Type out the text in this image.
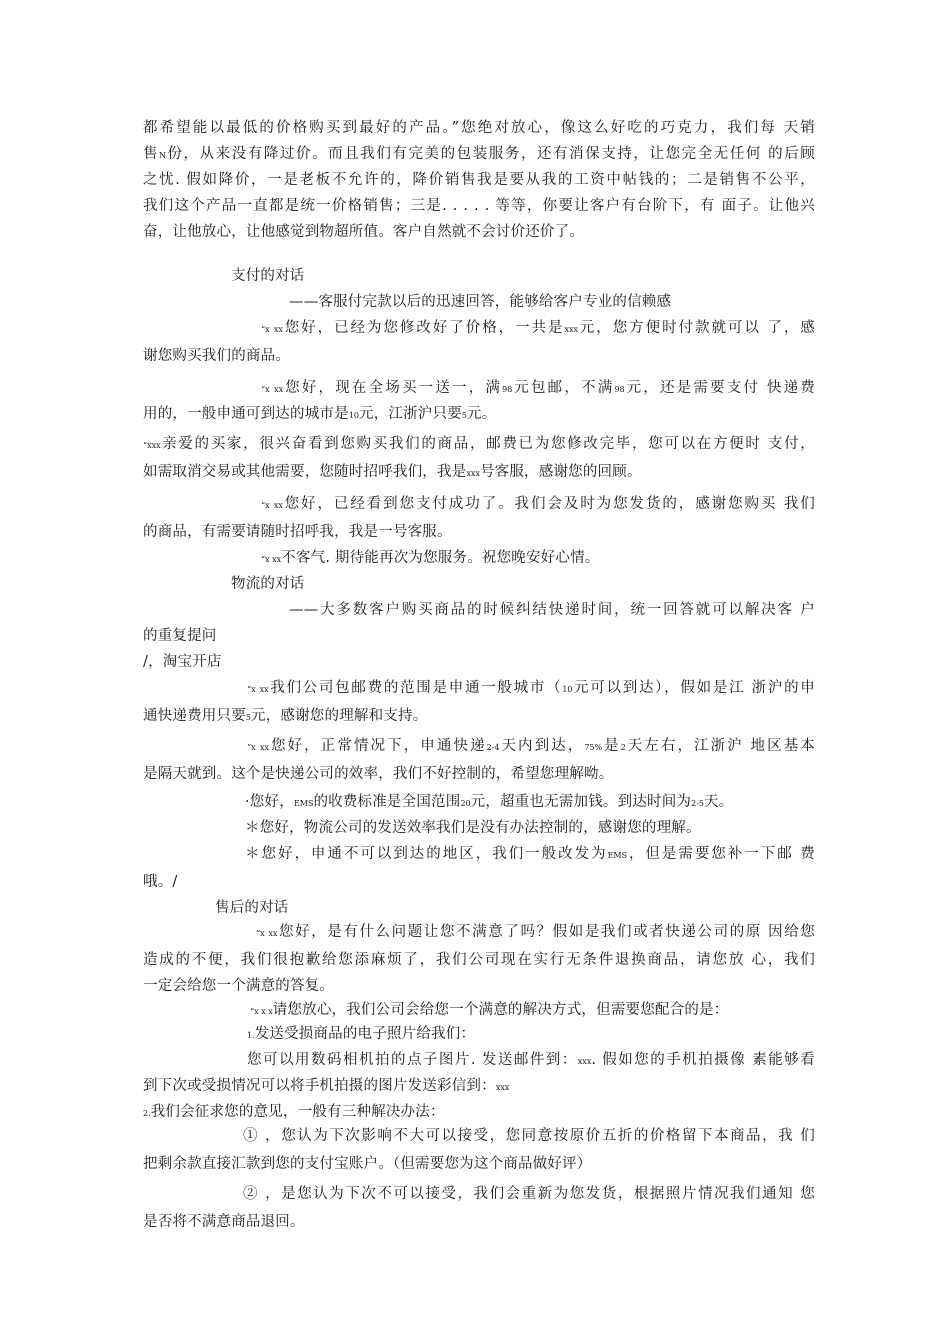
都希望能以最低的价格购买到最好的产品。”您绝对放心，像这么好吃的巧克力，我们每 天销
售N份，从来没有降过价。而且我们有完美的包装服务，还有消保支持，让您完全无任何 的后顾
之忧. 假如降价，一是老板不允许的，降价销售我是要从我的工资中帖钱的；二是销售不公平，
我们这个产品一直都是统一价格销售；三是. . . . . 等等，你要让客户有台阶下，有 面子。让他兴
奋，让他放心，让他感觉到物超所值。客户自然就不会讨价还价了。
支付的对话
——客服付完款以后的迅速回答，能够给客户专业的信赖感
“x xx您好，已经为您修改好了价格，一共是xxx元，您方便时付款就可以 了，感
谢您购买我们的商品。
“x xx您好，现在全场买一送一，满98元包邮，不满98元，还是需要支付 快递费
用的，一般申通可到达的城市是10元，江浙沪只要5元。
“xxx亲爱的买家，很兴奋看到您购买我们的商品，邮费已为您修改完毕，您可以在方便时 支付，
如需取消交易或其他需要，您随时招呼我们，我是xxx号客服，感谢您的回顾。
“x xx您好，已经看到您支付成功了。我们会及时为您发货的，感谢您购买 我们
的商品，有需要请随时招呼我，我是一号客服。
“x xx不客气. 期待能再次为您服务。祝您晚安好心情。
物流的对话
——大多数客户购买商品的时候纠结快递时间，统一回答就可以解决客 户
的重复提问
/，淘宝开店
“x xx我们公司包邮费的范围是申通一般城市（10元可以到达），假如是江 浙沪的申
通快递费用只要5元，感谢您的理解和支持。
“x xx您好，正常情况下，申通快递2-4天内到达，75%是2天左右，江浙沪 地区基本
是隔天就到。这个是快递公司的效率，我们不好控制的，希望您理解呦。
·您好，EMS的收费标准是全国范围20元，超重也无需加钱。到达时间为2-5天。
＊您好，物流公司的发送效率我们是没有办法控制的，感谢您的理解。
＊您好，申通不可以到达的地区，我们一般改发为EMS，但是需要您补一下邮 费
哦。/
售后的对话
“x xx您好，是有什么问题让您不满意了吗？假如是我们或者快递公司的原 因给您
造成的不便，我们很抱歉给您添麻烦了，我们公司现在实行无条件退换商品，请您放 心，我们
一定会给您一个满意的答复。
“x x x请您放心，我们公司会给您一个满意的解决方式，但需要您配合的是：
1.发送受损商品的电子照片给我们：
您可以用数码相机拍的点子图片. 发送邮件到：xxx. 假如您的手机拍摄像 素能够看
到下次或受损情况可以将手机拍摄的图片发送彩信到：xxx
2.我们会征求您的意见，一般有三种解决办法：
① ，您认为下次影响不大可以接受，您同意按原价五折的价格留下本商品，我 们
把剩余款直接汇款到您的支付宝账户。（但需要您为这个商品做好评）
② ，是您认为下次不可以接受，我们会重新为您发货，根据照片情况我们通知 您
是否将不满意商品退回。
